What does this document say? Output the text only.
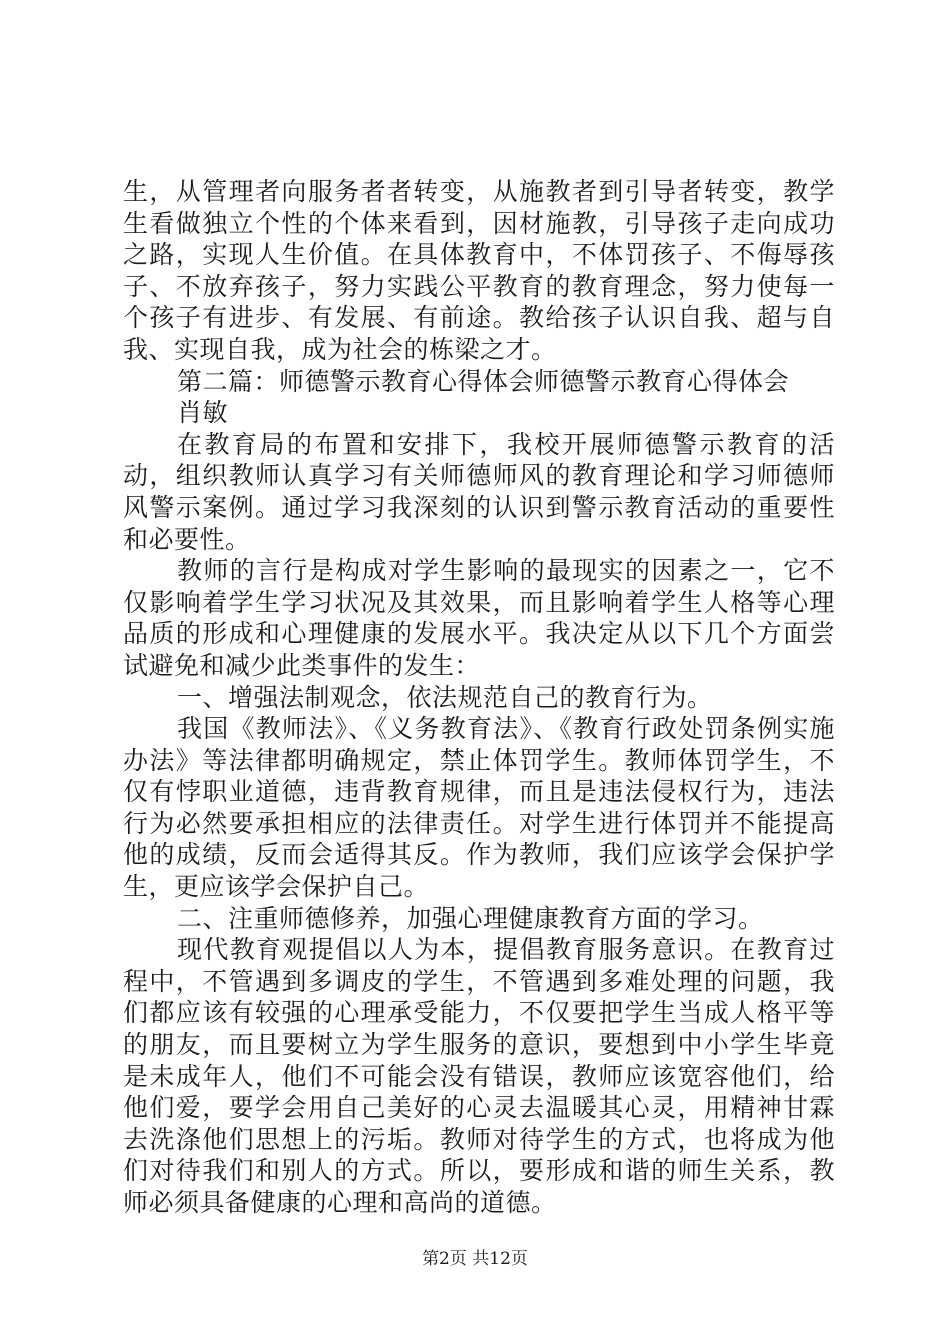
生，从管理者向服务者者转变，从施教者到引导者转变，教学生看做独立个性的个体来看到，因材施教，引导孩子走向成功之路，实现人生价值。在具体教育中，不体罚孩子、不侮辱孩子、不放弃孩子，努力实践公平教育的教育理念，努力使每一个孩子有进步、有发展、有前途。教给孩子认识自我、超与自我、实现自我，成为社会的栋梁之才。

第二篇：师德警示教育心得体会师德警示教育心得体会

肖敏

在教育局的布置和安排下，我校开展师德警示教育的活动，组织教师认真学习有关师德师风的教育理论和学习师德师风警示案例。通过学习我深刻的认识到警示教育活动的重要性和必要性。

教师的言行是构成对学生影响的最现实的因素之一，它不仅影响着学生学习状况及其效果，而且影响着学生人格等心理品质的形成和心理健康的发展水平。我决定从以下几个方面尝试避免和减少此类事件的发生：

一、增强法制观念，依法规范自己的教育行为。

我国《教师法》、《义务教育法》、《教育行政处罚条例实施办法》等法律都明确规定，禁止体罚学生。教师体罚学生，不仅有悖职业道德，违背教育规律，而且是违法侵权行为，违法行为必然要承担相应的法律责任。对学生进行体罚并不能提高他的成绩，反而会适得其反。作为教师，我们应该学会保护学生，更应该学会保护自己。

二、注重师德修养，加强心理健康教育方面的学习。

现代教育观提倡以人为本，提倡教育服务意识。在教育过程中，不管遇到多调皮的学生，不管遇到多难处理的问题，我们都应该有较强的心理承受能力，不仅要把学生当成人格平等的朋友，而且要树立为学生服务的意识，要想到中小学生毕竟是未成年人，他们不可能会没有错误，教师应该宽容他们，给他们爱，要学会用自己美好的心灵去温暖其心灵，用精神甘霖去洗涤他们思想上的污垢。教师对待学生的方式，也将成为他们对待我们和别人的方式。所以，要形成和谐的师生关系，教师必须具备健康的心理和高尚的道德。

第2页 共12页
